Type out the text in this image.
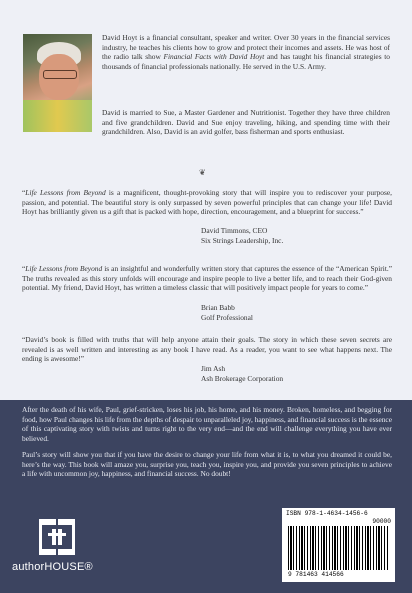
David Hoyt is a financial consultant, speaker and writer. Over 30 years in the financial services industry, he teaches his clients how to grow and protect their incomes and assets. He was host of the radio talk show Financial Facts with David Hoyt and has taught his financial strategies to thousands of financial professionals nationally. He served in the U.S. Army.

David is married to Sue, a Master Gardener and Nutritionist. Together they have three children and five grandchildren. David and Sue enjoy traveling, hiking, and spending time with their grandchildren. Also, David is an avid golfer, bass fisherman and sports enthusiast.

❦

“Life Lessons from Beyond is a magnificent, thought-provoking story that will inspire you to rediscover your purpose, passion, and potential. The beautiful story is only surpassed by seven powerful principles that can change your life! David Hoyt has brilliantly given us a gift that is packed with hope, direction, encouragement, and a blueprint for success.”

David Timmons, CEO
Six Strings Leadership, Inc.

“Life Lessons from Beyond is an insightful and wonderfully written story that captures the essence of the “American Spirit.” The truths revealed as this story unfolds will encourage and inspire people to live a better life, and to reach their God-given potential. My friend, David Hoyt, has written a timeless classic that will positively impact people for years to come.”

Brian Babb
Golf Professional

“David’s book is filled with truths that will help anyone attain their goals. The story in which these seven secrets are revealed is as well written and interesting as any book I have read. As a reader, you want to see what happens next. The ending is awesome!”

Jim Ash
Ash Brokerage Corporation

After the death of his wife, Paul, grief-stricken, loses his job, his home, and his money. Broken, homeless, and begging for food, how Paul changes his life from the depths of despair to unparalleled joy, happiness, and financial success is the essence of this captivating story with twists and turns right to the very end—and the end will challenge everything you have ever believed.

Paul’s story will show you that if you have the desire to change your life from what it is, to what you dreamed it could be, here’s the way. This book will amaze you, surprise you, teach you, inspire you, and provide you seven principles to achieve a life with uncommon joy, happiness, and financial success. No doubt!

authorHOUSE®
ISBN 978-1-4634-1456-6
90000
9 781463 414566
